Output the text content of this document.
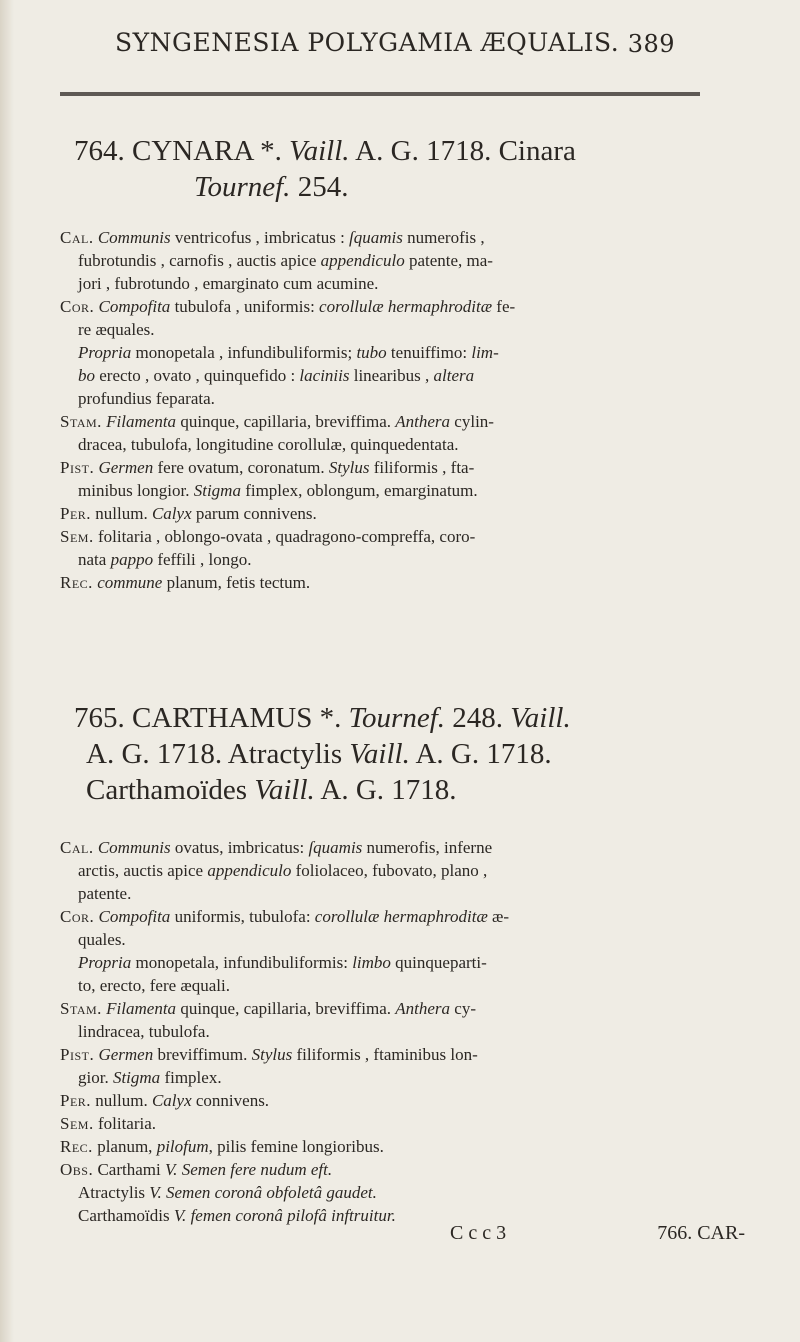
SYNGENESIA POLYGAMIA ÆQUALIS. 389
764. CYNARA *. Vaill. A. G. 1718. Cinara
Tournef. 254.
Cal. Communis ventricofus , imbricatus : ſquamis numerofis ,
fubrotundis , carnofis , auctis apice appendiculo patente, ma-
jori , fubrotundo , emarginato cum acumine.
Cor. Compofita tubulofa , uniformis: corollulæ hermaphroditæ fe-
re æquales.
Propria monopetala , infundibuliformis; tubo tenuiffimo: lim-
bo erecto , ovato , quinquefido : laciniis linearibus , altera
profundius feparata.
Stam. Filamenta quinque, capillaria, breviffima. Anthera cylin-
dracea, tubulofa, longitudine corollulæ, quinquedentata.
Pist. Germen fere ovatum, coronatum. Stylus filiformis , fta-
minibus longior. Stigma fimplex, oblongum, emarginatum.
Per. nullum. Calyx parum connivens.
Sem. folitaria , oblongo-ovata , quadragono-compreffa, coro-
nata pappo feffili , longo.
Rec. commune planum, fetis tectum.
765. CARTHAMUS *. Tournef. 248. Vaill.
A. G. 1718. Atractylis Vaill. A. G. 1718.
Carthamoïdes Vaill. A. G. 1718.
Cal. Communis ovatus, imbricatus: ſquamis numerofis, inferne
arctis, auctis apice appendiculo foliolaceo, fubovato, plano ,
patente.
Cor. Compofita uniformis, tubulofa: corollulæ hermaphroditæ æ-
quales.
Propria monopetala, infundibuliformis: limbo quinqueparti-
to, erecto, fere æquali.
Stam. Filamenta quinque, capillaria, breviffima. Anthera cy-
lindracea, tubulofa.
Pist. Germen breviffimum. Stylus filiformis , ftaminibus lon-
gior. Stigma fimplex.
Per. nullum. Calyx connivens.
Sem. folitaria.
Rec. planum, pilofum, pilis femine longioribus.
Obs. Carthami V. Semen fere nudum eft.
Atractylis V. Semen coronâ obfoletâ gaudet.
Carthamoïdis V. femen coronâ pilofâ inftruitur.
C c c 3	766. CAR-
